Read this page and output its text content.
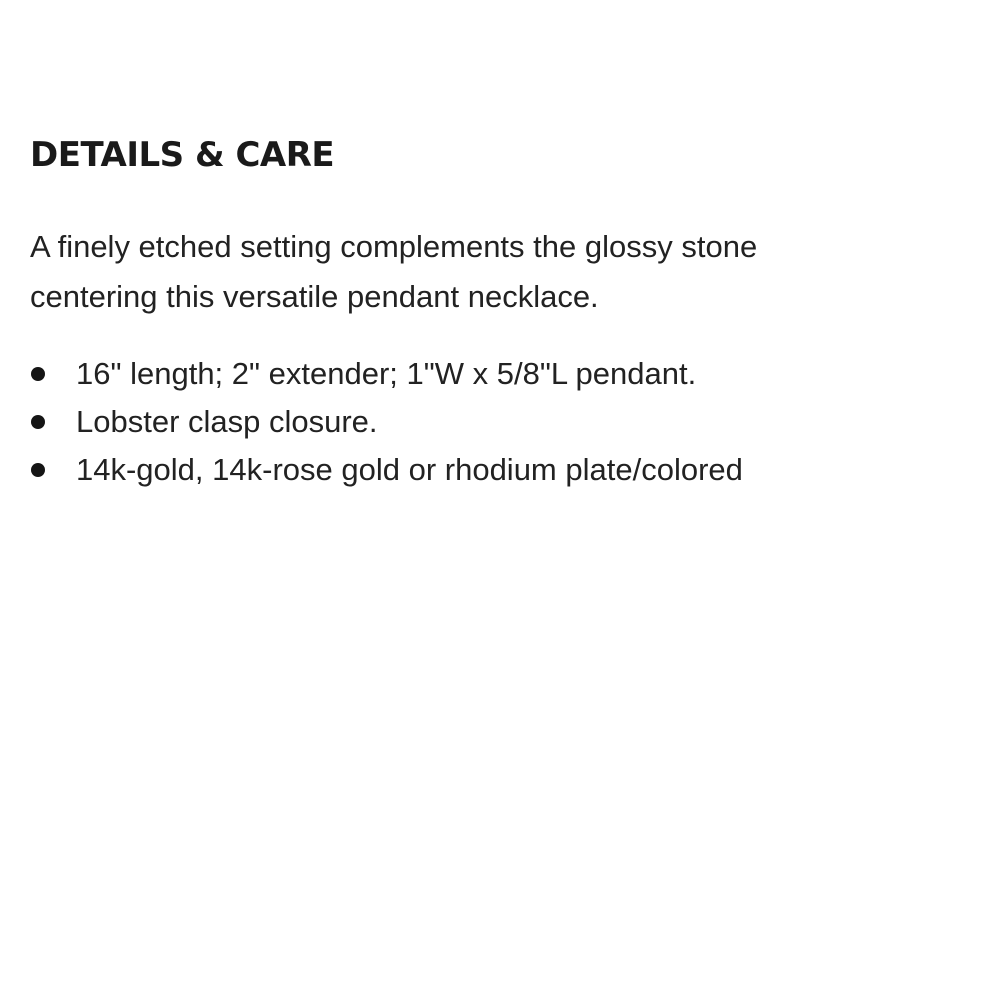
DETAILS & CARE

A finely etched setting complements the glossy stone centering this versatile pendant necklace.

16" length; 2" extender; 1"W x 5/8"L pendant.
Lobster clasp closure.
14k-gold, 14k-rose gold or rhodium plate/colored
